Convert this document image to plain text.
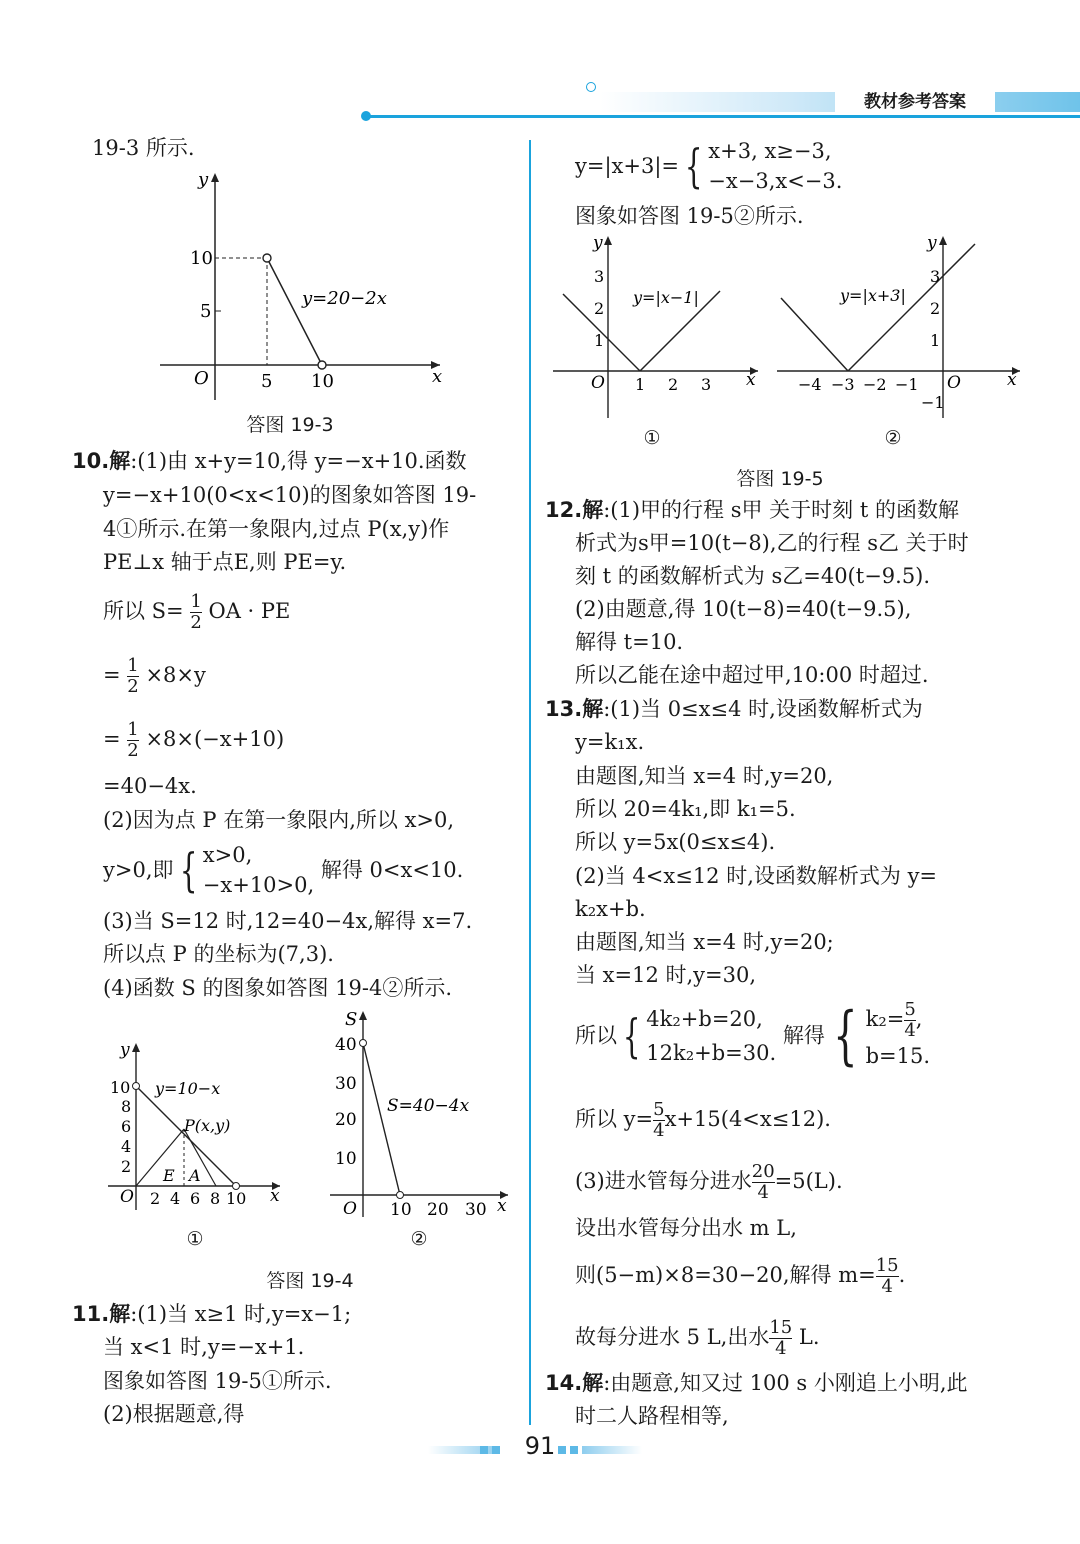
教材参考答案
19-3 所示.
y
10
5
O	5 10	x
y=20−2x
答图 19-3
10.解:(1)由 x+y=10,得 y=−x+10.函数
y=−x+10(0<x<10)的图象如答图 19-
4①所示.在第一象限内,过点 P(x,y)作
PE⊥x 轴于点E,则 PE=y.
所以 $S= \frac{1}{2}$ OA · PE
= $\frac{1}{2} \times 8\times y$
= $\frac{1}{2} \times 8\times(-x+10)$
=40−4x.
(2)因为点 P 在第一象限内,所以 x>0,
y>0,即 { x>0,
−x+10>0, 解得 0<x<10.
(3)当 S=12 时,12=40−4x,解得 x=7.
所以点 P 的坐标为(7,3).
(4)函数 S 的图象如答图 19-4②所示.
y
10
8
6
4
2
O 2 4 6 8 10 x
y=10−x
P(x,y)
E A
①
S
40
30
20
10
O 10 20 30 x
S=40−4x
②
答图 19-4
11.解:(1)当 x≥1 时,y=x−1;
当 x<1 时,y=−x+1.
图象如答图 19-5①所示.
(2)根据题意,得
y=|x+3|= { x+3, x≥−3,
−x−3,x<−3.
图象如答图 19-5②所示.
y
3
2
1
O 1 2 3 x
y=|x−1|
①
y
3
2
1
−1
O
−4 −3 −2 −1	x
y=|x+3|
②
答图 19-5
12.解:(1)甲的行程 s甲 关于时刻 t 的函数解
析式为s甲=10(t−8),乙的行程 s乙 关于时
刻 t 的函数解析式为 s乙=40(t−9.5).
(2)由题意,得 10(t−8)=40(t−9.5),
解得 t=10.
所以乙能在途中超过甲,10:00 时超过.
13.解:(1)当 0≤x≤4 时,设函数解析式为
y=k₁x.
由题图,知当 x=4 时,y=20,
所以 20=4k₁,即 k₁=5.
所以 y=5x(0≤x≤4).
(2)当 4<x≤12 时,设函数解析式为 y=
k₂x+b.
由题图,知当 x=4 时,y=20;
当 x=12 时,y=30,
所以 { 4k₂+b=20,
12k₂+b=30. 解得 { $k_2= \frac{5}{4}$ ,
b=15.
所以 $y= \frac{5}{4} x+15(4<x\le 12)$.
(3)进水管每分进水 $\frac{20}{4} =5(L)$.
设出水管每分出水 m L,
则(5−m)×8=30−20,解得 $m= \frac{15}{4}$ .
故每分进水 5 L,出水 $\frac{15}{4} L$.
14.解:由题意,知又过 100 s 小刚追上小明,此
时二人路程相等,
91
